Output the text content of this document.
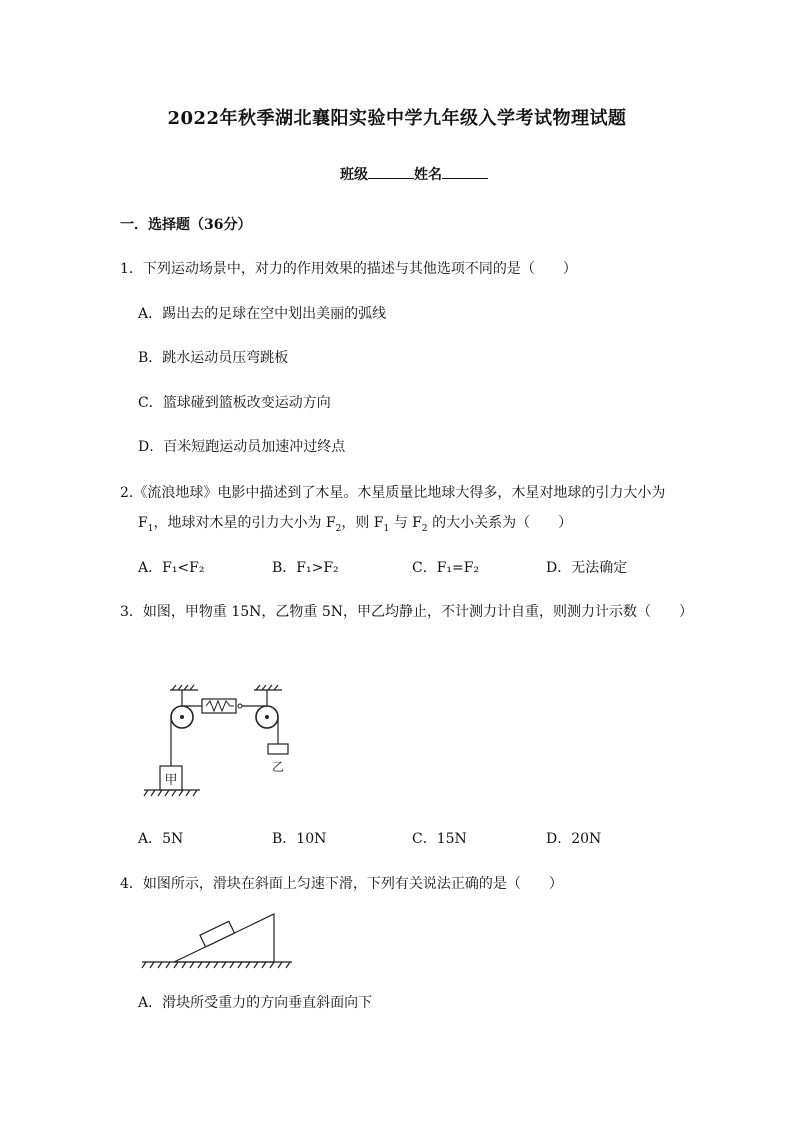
2022年秋季湖北襄阳实验中学九年级入学考试物理试题
班级	姓名
一．选择题（36分）
1．下列运动场景中，对力的作用效果的描述与其他选项不同的是（　　）
A．踢出去的足球在空中划出美丽的弧线
B．跳水运动员压弯跳板
C．篮球碰到篮板改变运动方向
D．百米短跑运动员加速冲过终点
2.《流浪地球》电影中描述到了木星。木星质量比地球大得多，木星对地球的引力大小为
$F_1$，地球对木星的引力大小为 $F_2$，则 $F_1$ 与 $F_2$ 的大小关系为（　　）
A．F₁<F₂	B．F₁>F₂	C．F₁=F₂	D．无法确定
3．如图，甲物重 15N，乙物重 5N，甲乙均静止，不计测力计自重，则测力计示数（　　）
甲
乙
A．5N	B．10N	C．15N	D．20N
4．如图所示，滑块在斜面上匀速下滑，下列有关说法正确的是（　　）
A．滑块所受重力的方向垂直斜面向下
